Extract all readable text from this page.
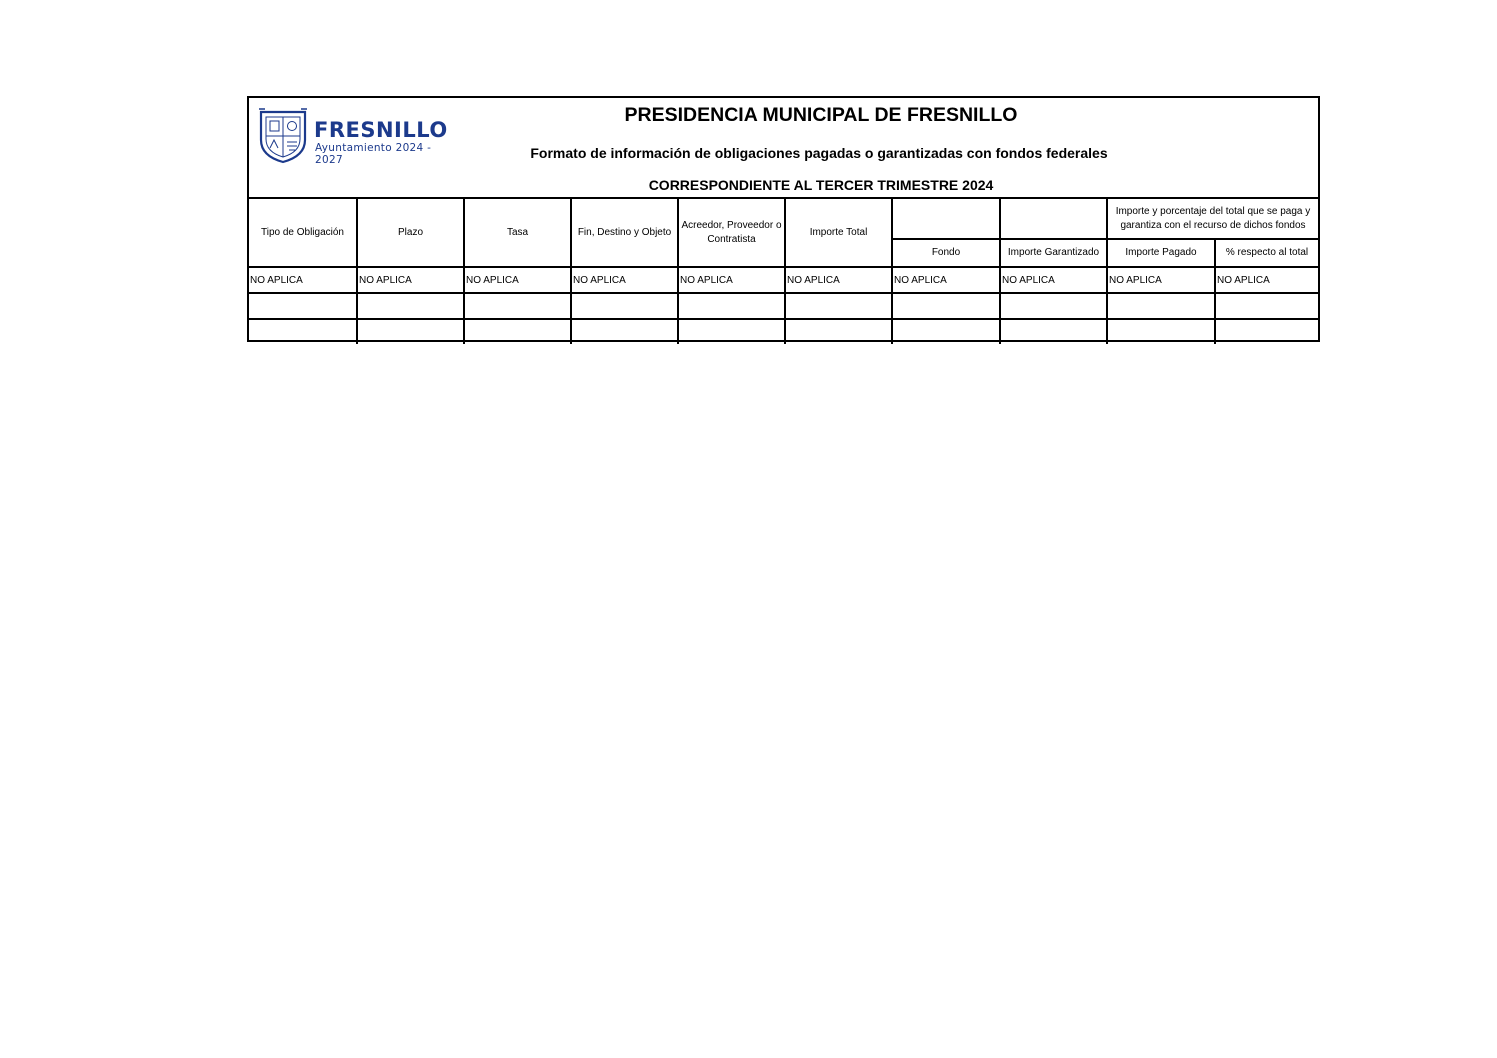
FRESNILLO
Ayuntamiento 2024 - 2027
PRESIDENCIA MUNICIPAL DE FRESNILLO
Formato de información de obligaciones pagadas o garantizadas con fondos federales
CORRESPONDIENTE AL TERCER TRIMESTRE 2024
Tipo de Obligación	Plazo	Tasa	Fin, Destino y Objeto	Acreedor, Proveedor o Contratista	Importe Total			Importe y porcentaje del total que se paga y garantiza con el recurso de dichos fondos	
						Fondo	Importe Garantizado	Importe Pagado	% respecto al total
NO APLICA	NO APLICA	NO APLICA	NO APLICA	NO APLICA	NO APLICA	NO APLICA	NO APLICA	NO APLICA	NO APLICA
